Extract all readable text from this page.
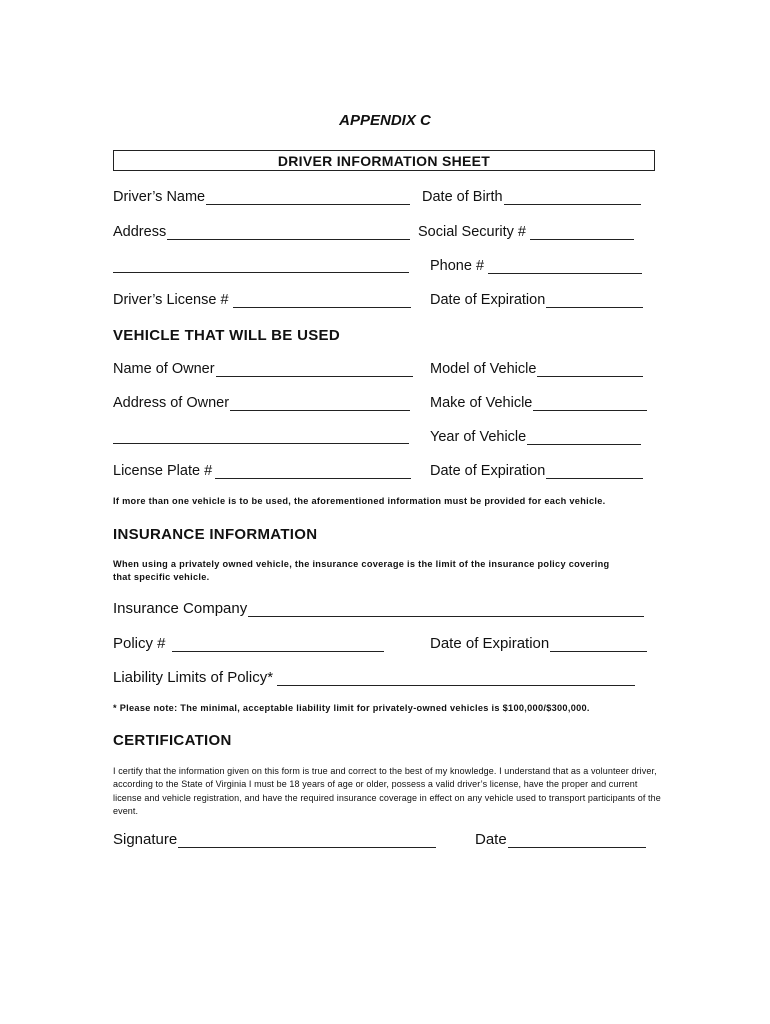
APPENDIX C
DRIVER INFORMATION SHEET
Driver’s Name	Date of Birth
Address	Social Security #
Phone #
Driver’s License #	Date of Expiration
VEHICLE THAT WILL BE USED
Name of Owner	Model of Vehicle
Address of Owner	Make of Vehicle
Year of Vehicle
License Plate #	Date of Expiration
If more than one vehicle is to be used, the aforementioned information must be provided for each vehicle.
INSURANCE INFORMATION
When using a privately owned vehicle, the insurance coverage is the limit of the insurance policy covering
that specific vehicle.
Insurance Company
Policy #	Date of Expiration
Liability Limits of Policy*
* Please note: The minimal, acceptable liability limit for privately-owned vehicles is $100,000/$300,000.
CERTIFICATION
I certify that the information given on this form is true and correct to the best of my knowledge. I understand that as a volunteer driver, according to the State of Virginia I must be 18 years of age or older, possess a valid driver’s license, have the proper and current license and vehicle registration, and have the required insurance coverage in effect on any vehicle used to transport participants of the event.
Signature	Date
